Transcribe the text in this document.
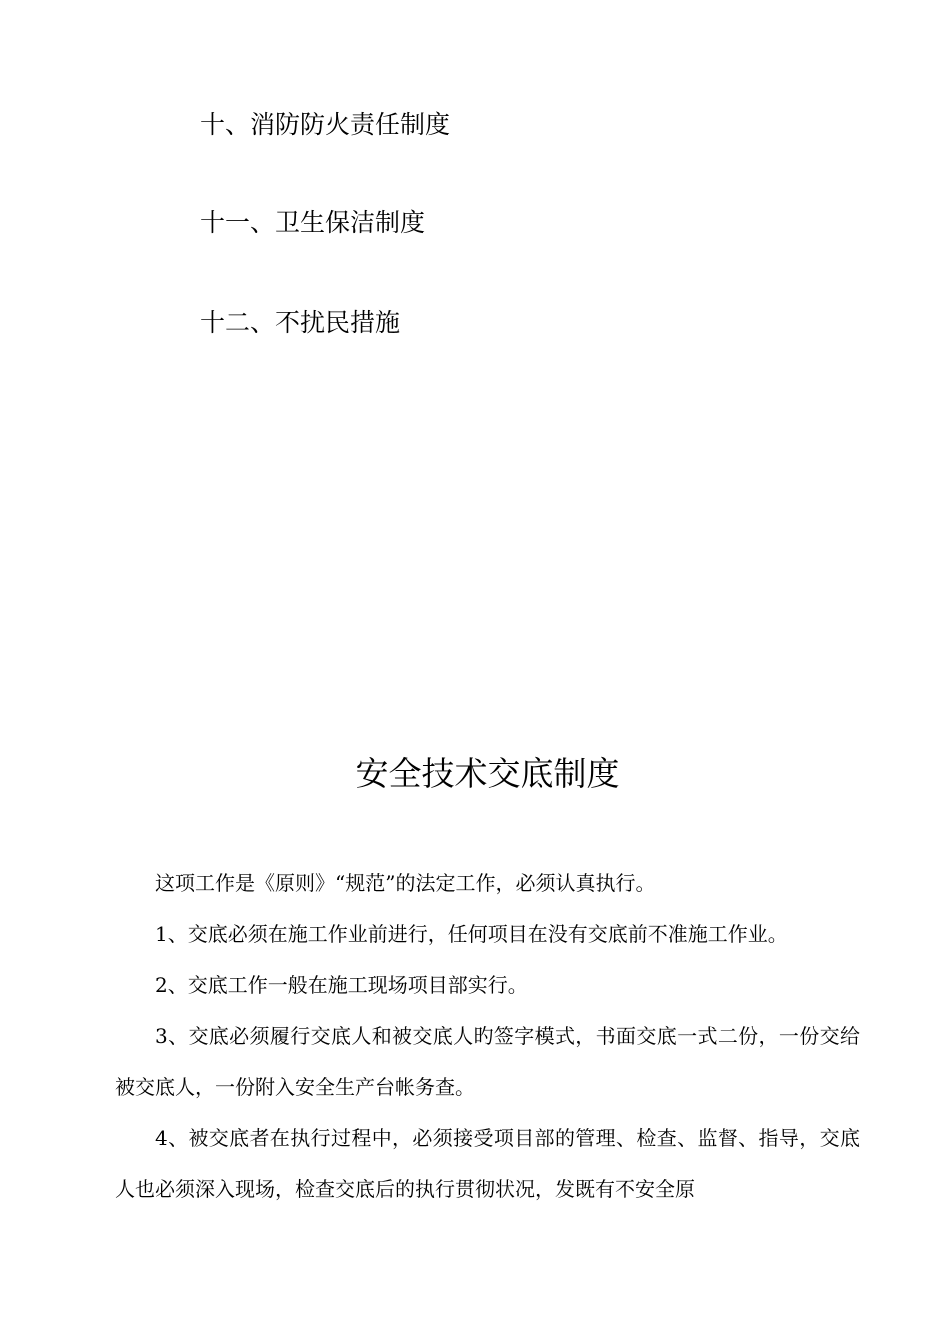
十、消防防火责任制度

十一、卫生保洁制度

十二、不扰民措施

安全技术交底制度

这项工作是《原则》“规范”的法定工作，必须认真执行。

1、交底必须在施工作业前进行，任何项目在没有交底前不准施工作业。

2、交底工作一般在施工现场项目部实行。

3、交底必须履行交底人和被交底人旳签字模式，书面交底一式二份，一份交给被交底人，一份附入安全生产台帐务查。

4、被交底者在执行过程中，必须接受项目部的管理、检查、监督、指导，交底人也必须深入现场，检查交底后的执行贯彻状况，发既有不安全原
